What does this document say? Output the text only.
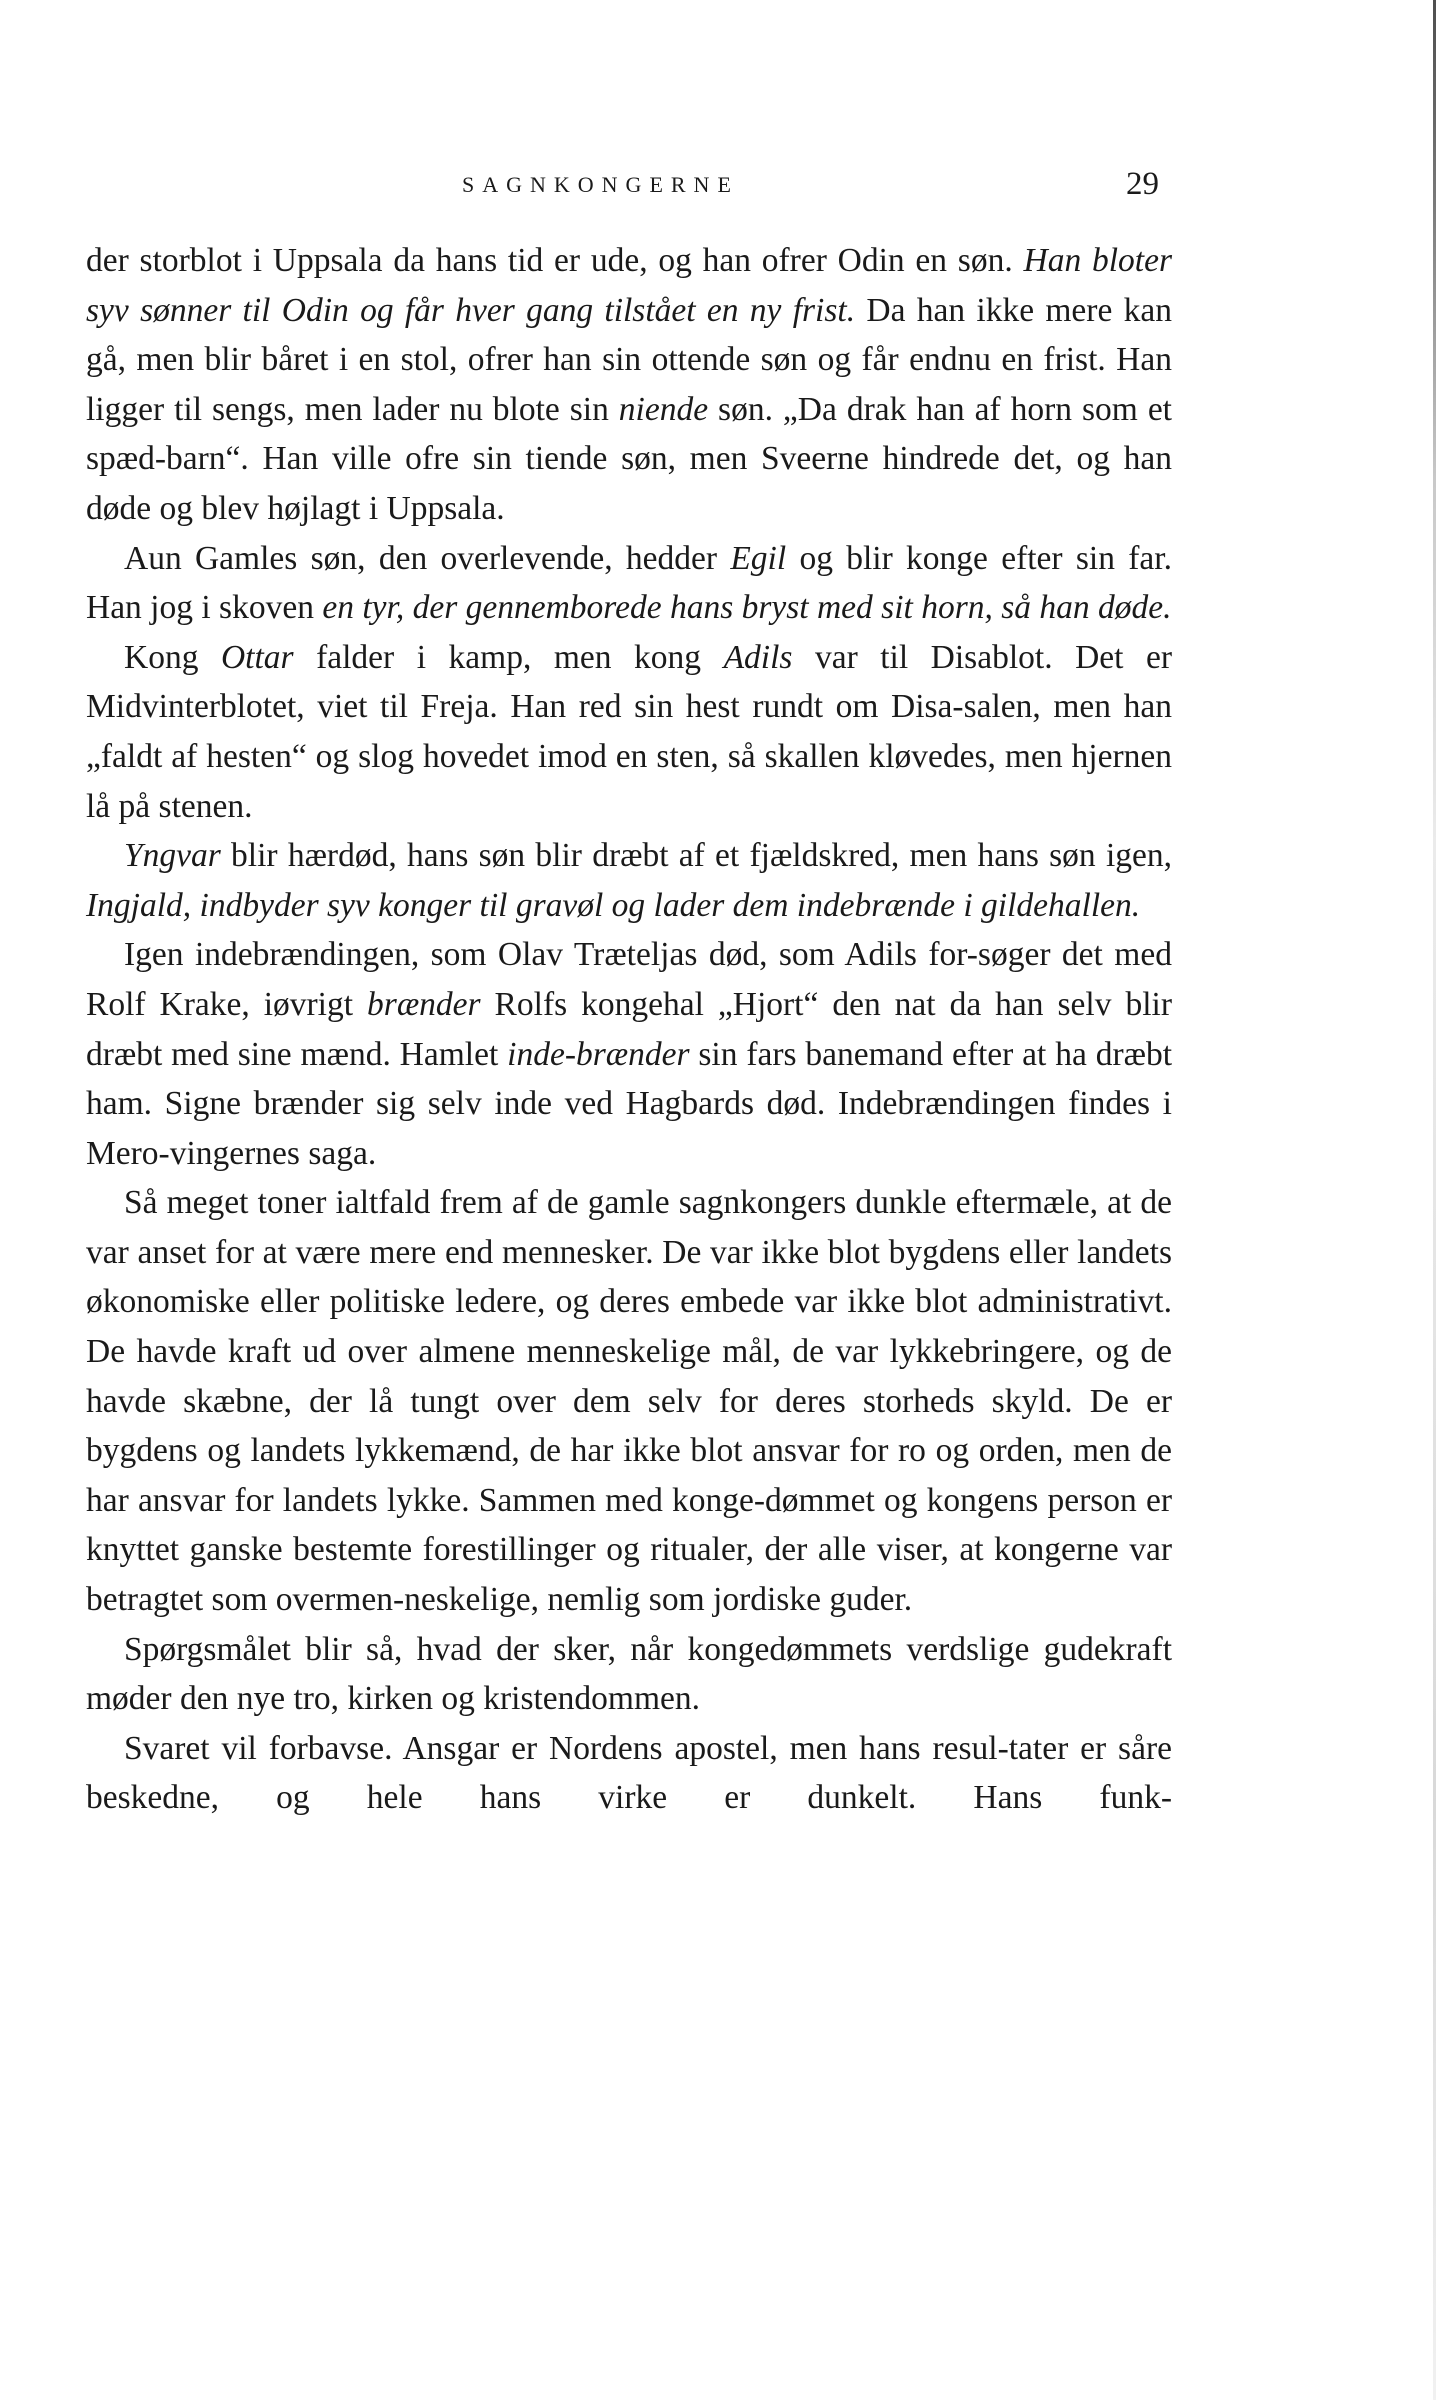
SAGNKONGERNE	29

der storblot i Uppsala da hans tid er ude, og han ofrer Odin en søn. Han bloter syv sønner til Odin og får hver gang tilstået en ny frist. Da han ikke mere kan gå, men blir båret i en stol, ofrer han sin ottende søn og får endnu en frist. Han ligger til sengs, men lader nu blote sin niende søn. „Da drak han af horn som et spæd-barn“. Han ville ofre sin tiende søn, men Sveerne hindrede det, og han døde og blev højlagt i Uppsala.

Aun Gamles søn, den overlevende, hedder Egil og blir konge efter sin far. Han jog i skoven en tyr, der gennemborede hans bryst med sit horn, så han døde.

Kong Ottar falder i kamp, men kong Adils var til Disablot. Det er Midvinterblotet, viet til Freja. Han red sin hest rundt om Disa-salen, men han „faldt af hesten“ og slog hovedet imod en sten, så skallen kløvedes, men hjernen lå på stenen.

Yngvar blir hærdød, hans søn blir dræbt af et fjældskred, men hans søn igen, Ingjald, indbyder syv konger til gravøl og lader dem indebrænde i gildehallen.

Igen indebrændingen, som Olav Træteljas død, som Adils for-søger det med Rolf Krake, iøvrigt brænder Rolfs kongehal „Hjort“ den nat da han selv blir dræbt med sine mænd. Hamlet inde-brænder sin fars banemand efter at ha dræbt ham. Signe brænder sig selv inde ved Hagbards død. Indebrændingen findes i Mero-vingernes saga.

Så meget toner ialtfald frem af de gamle sagnkongers dunkle eftermæle, at de var anset for at være mere end mennesker. De var ikke blot bygdens eller landets økonomiske eller politiske ledere, og deres embede var ikke blot administrativt. De havde kraft ud over almene menneskelige mål, de var lykkebringere, og de havde skæbne, der lå tungt over dem selv for deres storheds skyld. De er bygdens og landets lykkemænd, de har ikke blot ansvar for ro og orden, men de har ansvar for landets lykke. Sammen med konge-dømmet og kongens person er knyttet ganske bestemte forestillinger og ritualer, der alle viser, at kongerne var betragtet som overmen-neskelige, nemlig som jordiske guder.

Spørgsmålet blir så, hvad der sker, når kongedømmets verdslige gudekraft møder den nye tro, kirken og kristendommen.

Svaret vil forbavse. Ansgar er Nordens apostel, men hans resul-tater er såre beskedne, og hele hans virke er dunkelt. Hans funk-
